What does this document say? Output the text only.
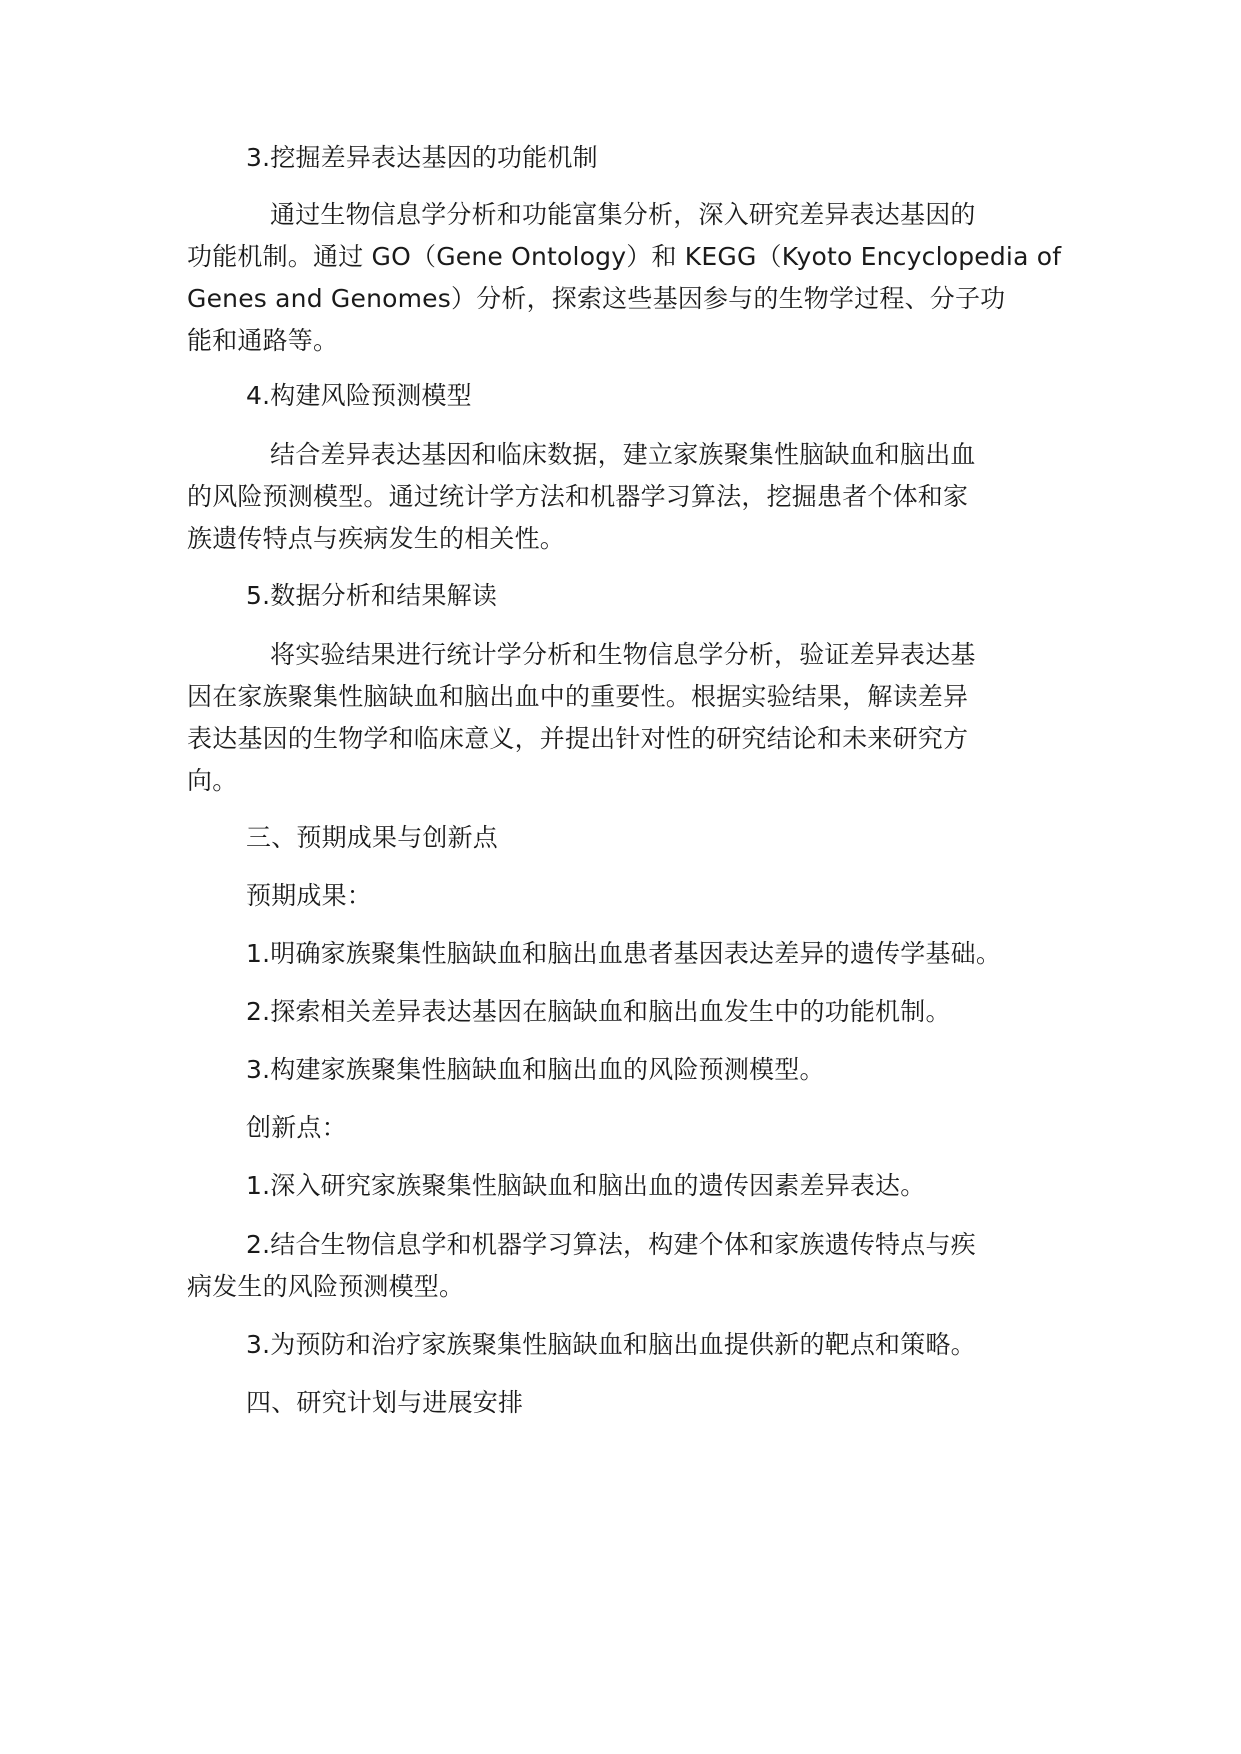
3.挖掘差异表达基因的功能机制
通过生物信息学分析和功能富集分析，深入研究差异表达基因的
功能机制。通过 GO（Gene Ontology）和 KEGG（Kyoto Encyclopedia of
Genes and Genomes）分析，探索这些基因参与的生物学过程、分子功
能和通路等。
4.构建风险预测模型
结合差异表达基因和临床数据，建立家族聚集性脑缺血和脑出血
的风险预测模型。通过统计学方法和机器学习算法，挖掘患者个体和家
族遗传特点与疾病发生的相关性。
5.数据分析和结果解读
将实验结果进行统计学分析和生物信息学分析，验证差异表达基
因在家族聚集性脑缺血和脑出血中的重要性。根据实验结果，解读差异
表达基因的生物学和临床意义，并提出针对性的研究结论和未来研究方
向。
三、预期成果与创新点
预期成果：
1.明确家族聚集性脑缺血和脑出血患者基因表达差异的遗传学基础。
2.探索相关差异表达基因在脑缺血和脑出血发生中的功能机制。
3.构建家族聚集性脑缺血和脑出血的风险预测模型。
创新点：
1.深入研究家族聚集性脑缺血和脑出血的遗传因素差异表达。
2.结合生物信息学和机器学习算法，构建个体和家族遗传特点与疾
病发生的风险预测模型。
3.为预防和治疗家族聚集性脑缺血和脑出血提供新的靶点和策略。
四、研究计划与进展安排
